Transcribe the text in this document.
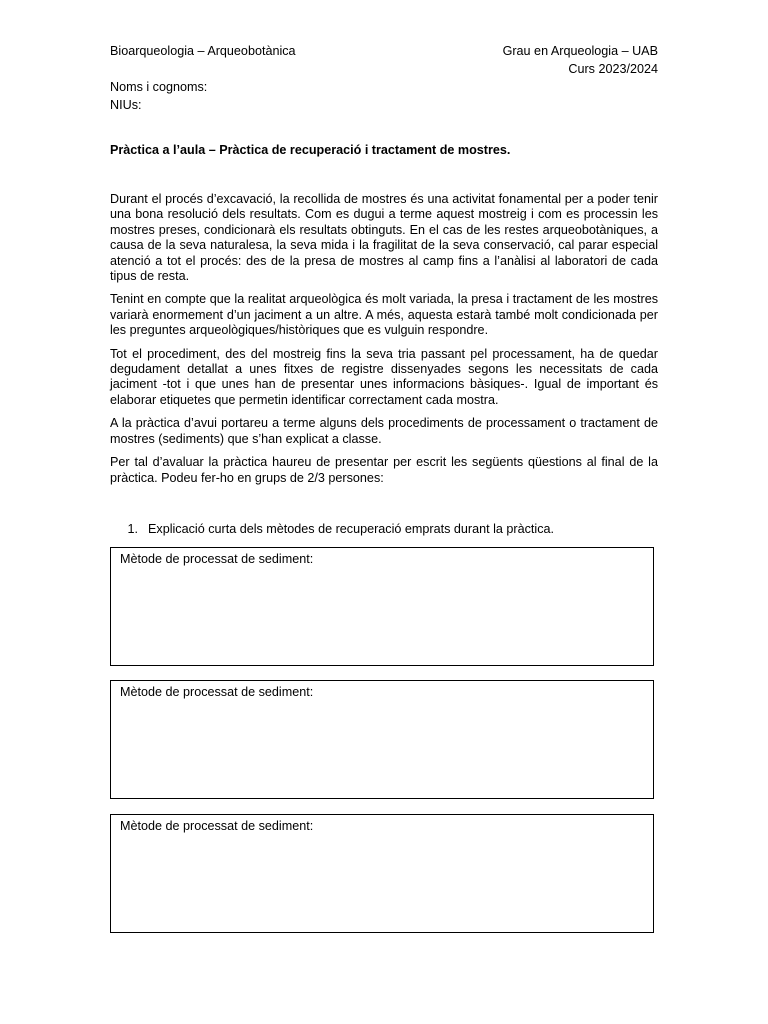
Bioarqueologia – Arqueobotànica	Grau en Arqueologia – UAB
Curs 2023/2024
Noms i cognoms:
NIUs:
Pràctica a l’aula – Pràctica de recuperació i tractament de mostres.

Durant el procés d’excavació, la recollida de mostres és una activitat fonamental per a poder tenir una bona resolució dels resultats. Com es dugui a terme aquest mostreig i com es processin les mostres preses, condicionarà els resultats obtinguts. En el cas de les restes arqueobotàniques, a causa de la seva naturalesa, la seva mida i la fragilitat de la seva conservació, cal parar especial atenció a tot el procés: des de la presa de mostres al camp fins a l’anàlisi al laboratori de cada tipus de resta.

Tenint en compte que la realitat arqueològica és molt variada, la presa i tractament de les mostres variarà enormement d’un jaciment a un altre. A més, aquesta estarà també molt condicionada per les preguntes arqueològiques/històriques que es vulguin respondre.

Tot el procediment, des del mostreig fins la seva tria passant pel processament, ha de quedar degudament detallat a unes fitxes de registre dissenyades segons les necessitats de cada jaciment -tot i que unes han de presentar unes informacions bàsiques-. Igual de important és elaborar etiquetes que permetin identificar correctament cada mostra.

A la pràctica d’avui portareu a terme alguns dels procediments de processament o tractament de mostres (sediments) que s’han explicat a classe.

Per tal d’avaluar la pràctica haureu de presentar per escrit les següents qüestions al final de la pràctica. Podeu fer-ho en grups de 2/3 persones:

1. Explicació curta dels mètodes de recuperació emprats durant la pràctica.
Mètode de processat de sediment:
Mètode de processat de sediment:
Mètode de processat de sediment:
